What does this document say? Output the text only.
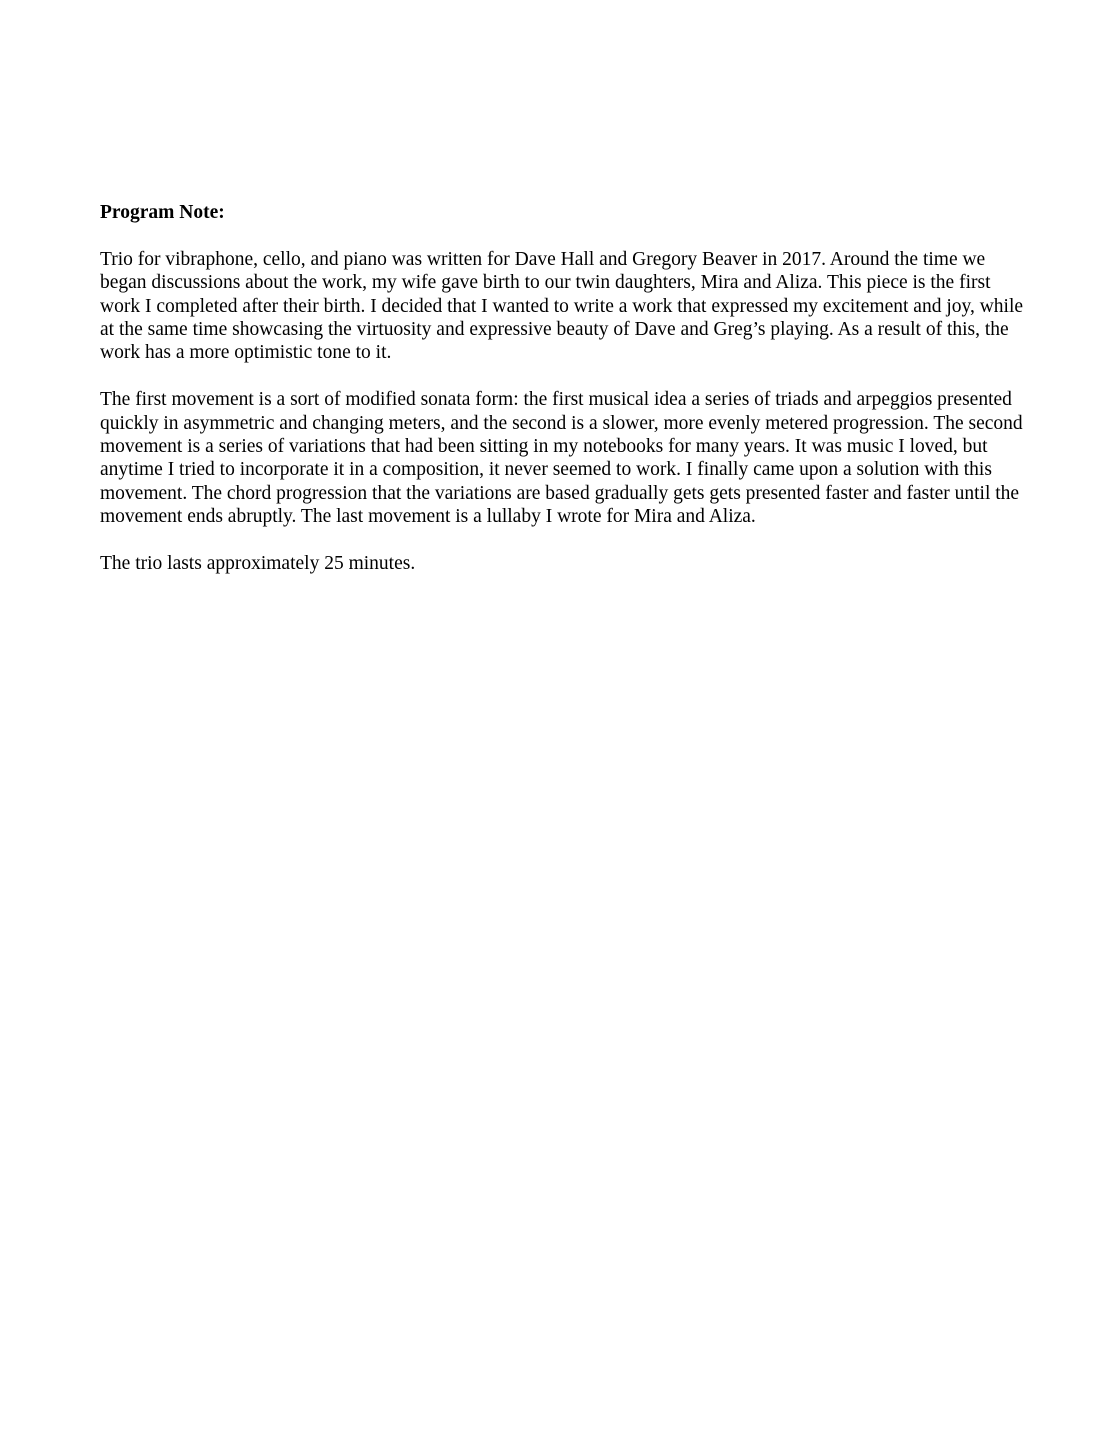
Program Note:

Trio for vibraphone, cello, and piano was written for Dave Hall and Gregory Beaver in 2017. Around the time we began discussions about the work, my wife gave birth to our twin daughters, Mira and Aliza. This piece is the first work I completed after their birth. I decided that I wanted to write a work that expressed my excitement and joy, while at the same time showcasing the virtuosity and expressive beauty of Dave and Greg’s playing. As a result of this, the work has a more optimistic tone to it.

The first movement is a sort of modified sonata form: the first musical idea a series of triads and arpeggios presented quickly in asymmetric and changing meters, and the second is a slower, more evenly metered progression. The second movement is a series of variations that had been sitting in my notebooks for many years. It was music I loved, but anytime I tried to incorporate it in a composition, it never seemed to work. I finally came upon a solution with this movement. The chord progression that the variations are based gradually gets gets presented faster and faster until the movement ends abruptly. The last movement is a lullaby I wrote for Mira and Aliza.

The trio lasts approximately 25 minutes.
